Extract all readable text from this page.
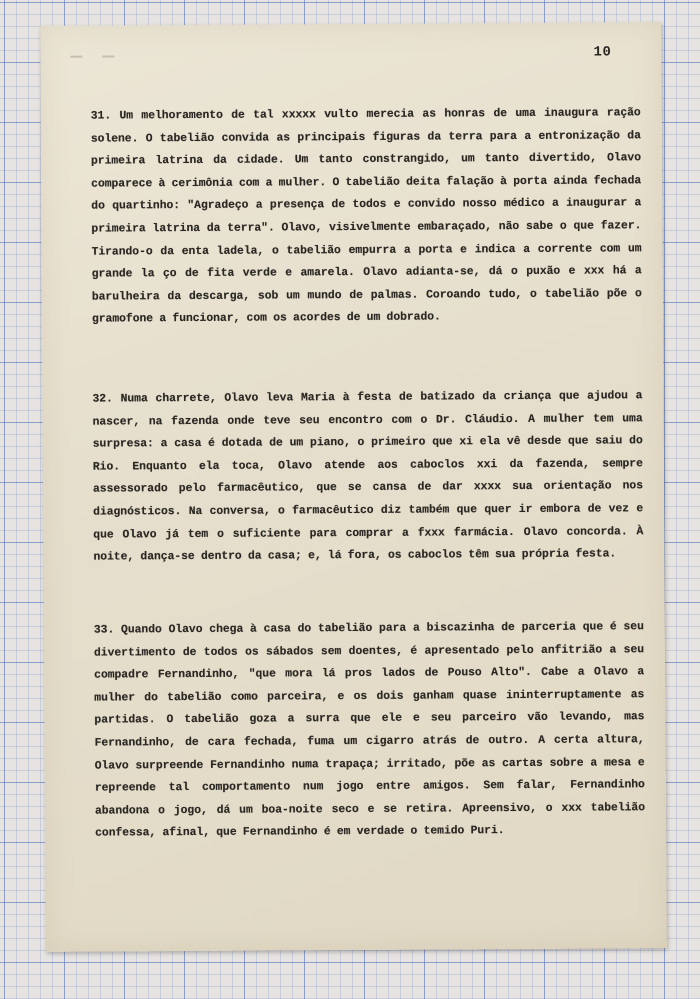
10
31. Um melhoramento de tal xxxxx vulto merecia as honras de uma inaugura ração solene. O tabelião convida as principais figuras da terra para a entronização da primeira latrina da cidade. Um tanto constrangido, um tanto divertido, Olavo comparece à cerimônia com a mulher. O tabelião deita falação à porta ainda fechada do quartinho: "Agradeço a presença de todos e convido nosso médico a inaugurar a primeira latrina da terra". Olavo, visivelmente embaraçado, não sabe o que fazer. Tirando-o da enta ladela, o tabelião empurra a porta e indica a corrente com um grande la ço de fita verde e amarela. Olavo adianta-se, dá o puxão e xxx há a barulheira da descarga, sob um mundo de palmas. Coroando tudo, o tabelião põe o gramofone a funcionar, com os acordes de um dobrado.
32. Numa charrete, Olavo leva Maria à festa de batizado da criança que ajudou a nascer, na fazenda onde teve seu encontro com o Dr. Cláudio. A mulher tem uma surpresa: a casa é dotada de um piano, o primeiro que xi ela vê desde que saiu do Rio. Enquanto ela toca, Olavo atende aos caboclos xxi da fazenda, sempre assessorado pelo farmacêutico, que se cansa de dar xxxx sua orientação nos diagnósticos. Na conversa, o farmacêutico diz também que quer ir embora de vez e que Olavo já tem o suficiente para comprar a fxxx farmácia. Olavo concorda. À noite, dança-se dentro da casa; e, lá fora, os caboclos têm sua própria festa.
33. Quando Olavo chega à casa do tabelião para a biscazinha de parceria que é seu divertimento de todos os sábados sem doentes, é apresentado pelo anfitrião a seu compadre Fernandinho, "que mora lá pros lados de Pouso Alto". Cabe a Olavo a mulher do tabelião como parceira, e os dois ganham quase ininterruptamente as partidas. O tabelião goza a surra que ele e seu parceiro vão levando, mas Fernandinho, de cara fechada, fuma um cigarro atrás de outro. A certa altura, Olavo surpreende Fernandinho numa trapaça; irritado, põe as cartas sobre a mesa e repreende tal comportamento num jogo entre amigos. Sem falar, Fernandinho abandona o jogo, dá um boa-noite seco e se retira. Apreensivo, o xxx tabelião confessa, afinal, que Fernandinho é em verdade o temido Puri.
